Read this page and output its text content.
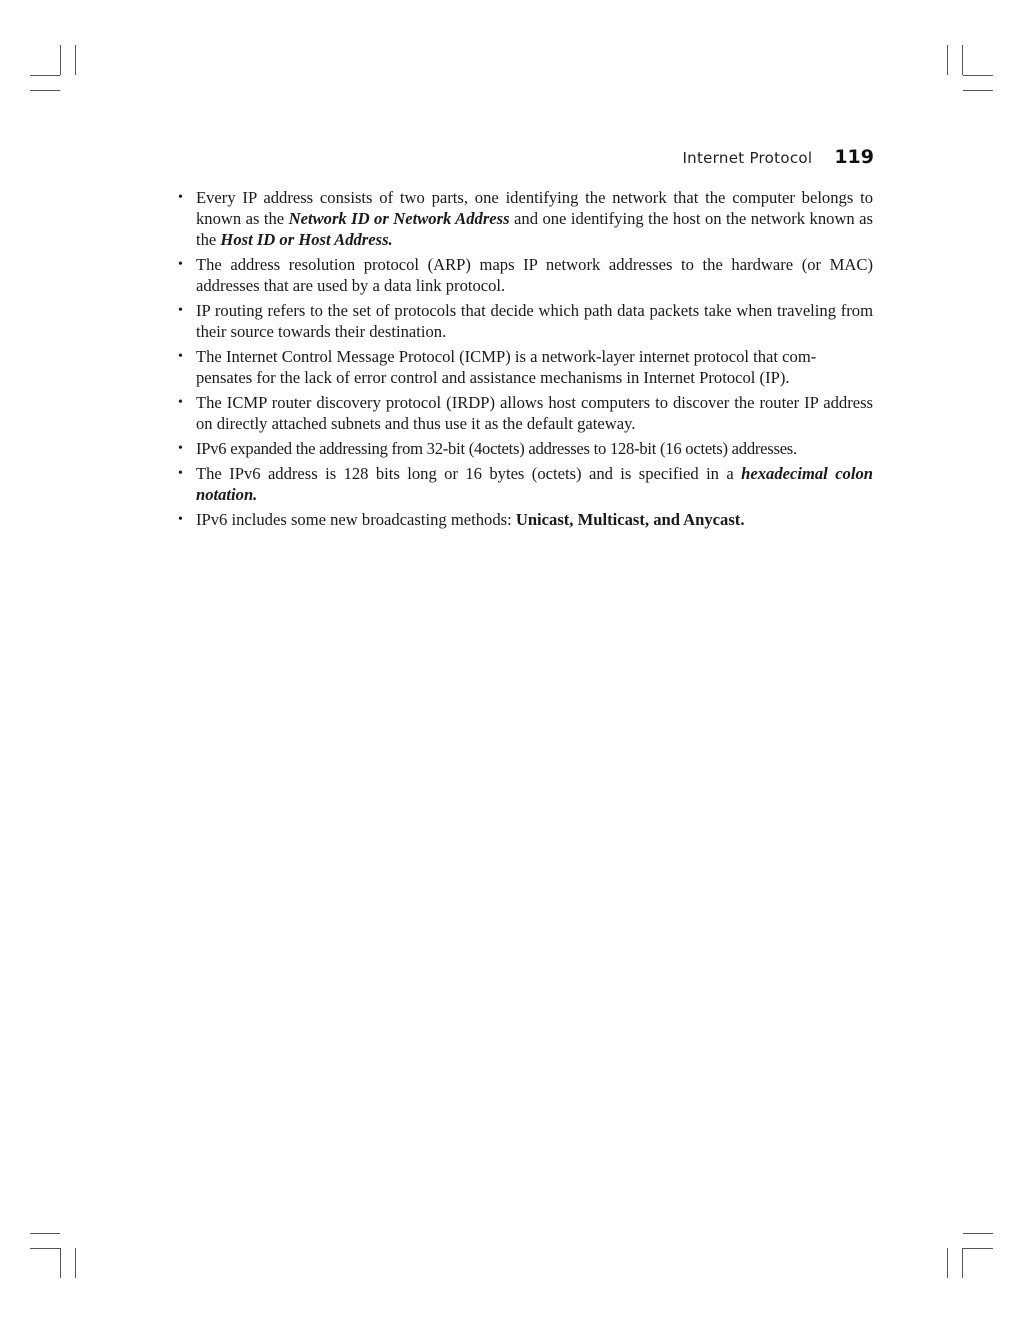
Internet Protocol 119
• Every IP address consists of two parts, one identifying the network that the computer belongs to known as the Network ID or Network Address and one identifying the host on the network known as the Host ID or Host Address.
• The address resolution protocol (ARP) maps IP network addresses to the hardware (or MAC) addresses that are used by a data link protocol.
• IP routing refers to the set of protocols that decide which path data packets take when traveling from their source towards their destination.
• The Internet Control Message Protocol (ICMP) is a network-layer internet protocol that com-
pensates for the lack of error control and assistance mechanisms in Internet Protocol (IP).
• The ICMP router discovery protocol (IRDP) allows host computers to discover the router IP address on directly attached subnets and thus use it as the default gateway.
• IPv6 expanded the addressing from 32-bit (4octets) addresses to 128-bit (16 octets) addresses.
• The IPv6 address is 128 bits long or 16 bytes (octets) and is specified in a hexadecimal colon notation.
• IPv6 includes some new broadcasting methods: Unicast, Multicast, and Anycast.
